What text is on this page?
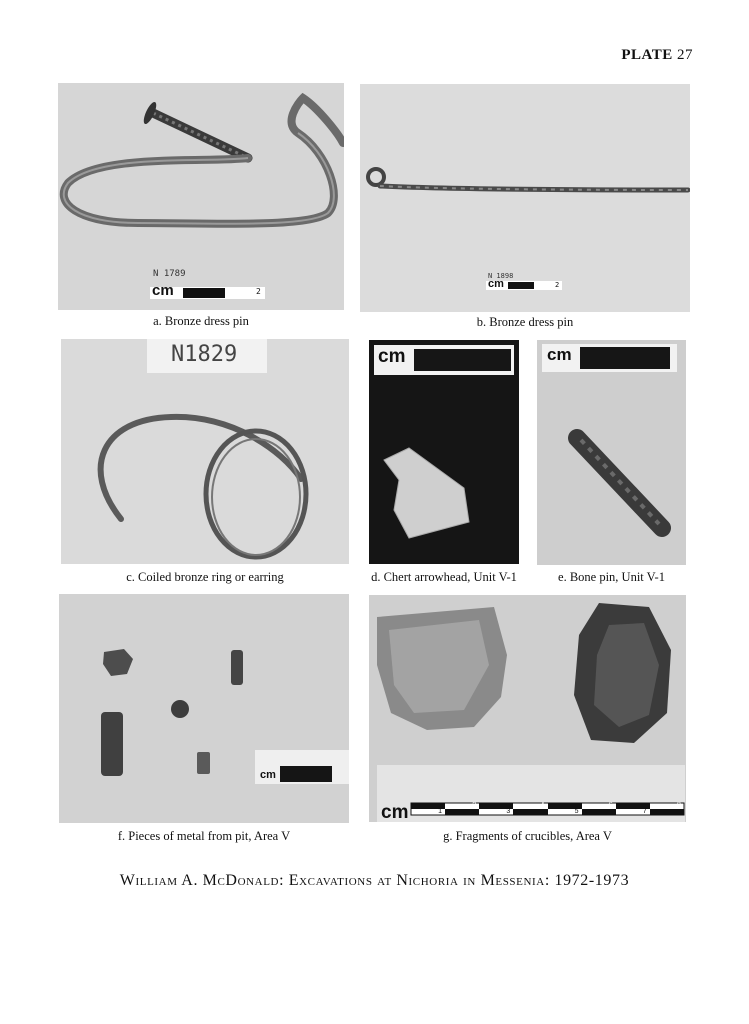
PLATE 27
N 1789
cm	2
a. Bronze dress pin
N 1898
cm	2
b. Bronze dress pin
N1829
c. Coiled bronze ring or earring
cm
d. Chert arrowhead, Unit V-1
cm
e. Bone pin, Unit V-1
cm
f. Pieces of metal from pit, Area V
cm	1
2
3
4
5
6
7
8
g. Fragments of crucibles, Area V
William A. McDonald: Excavations at Nichoria in Messenia: 1972-1973
